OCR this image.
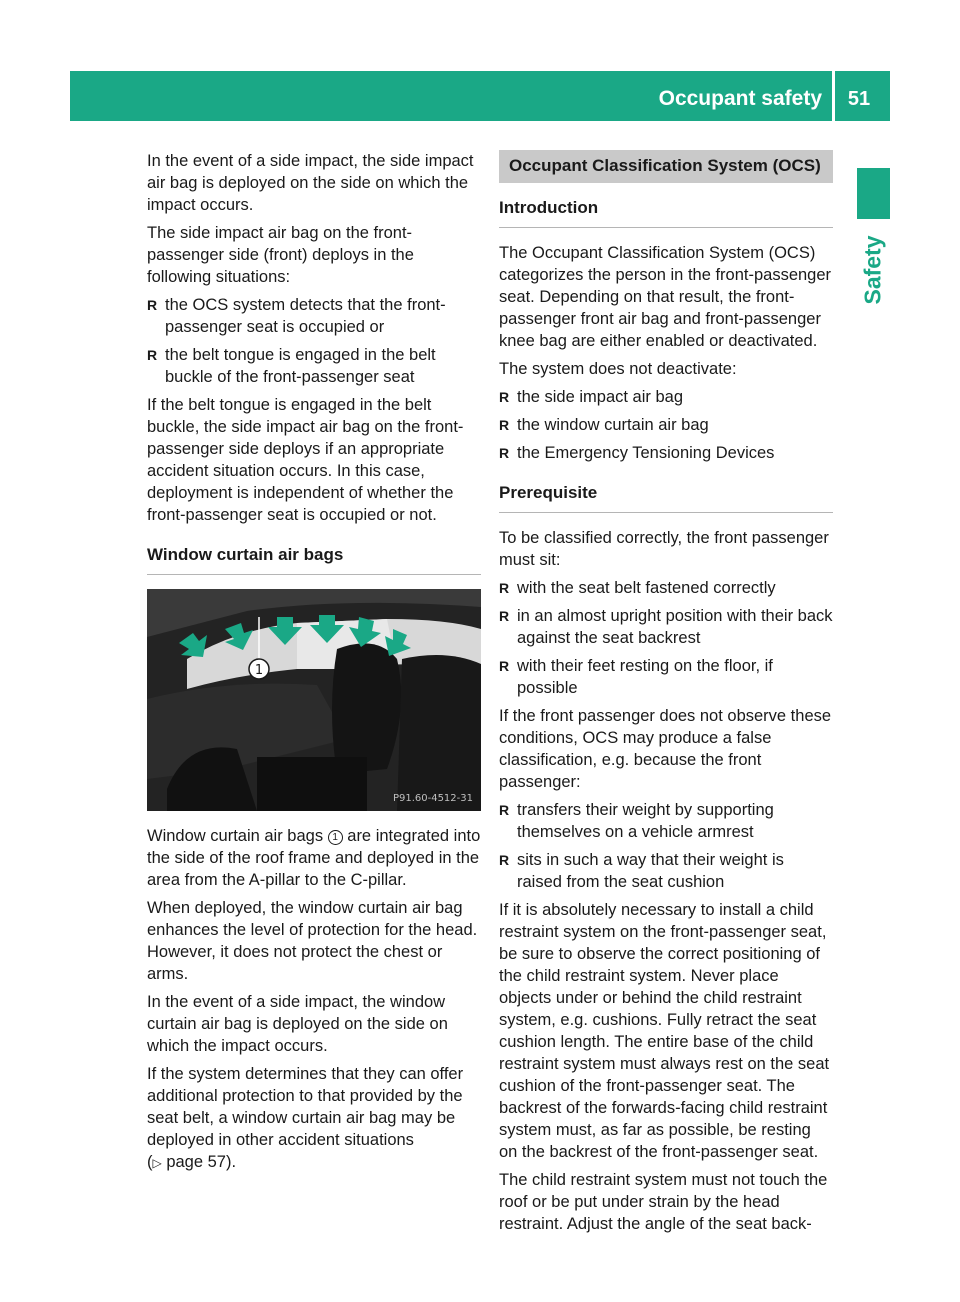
Occupant safety	51
Safety

In the event of a side impact, the side impact air bag is deployed on the side on which the impact occurs.

The side impact air bag on the front-passenger side (front) deploys in the following situations:

R the OCS system detects that the front-passenger seat is occupied or
R the belt tongue is engaged in the belt buckle of the front-passenger seat

If the belt tongue is engaged in the belt buckle, the side impact air bag on the front-passenger side deploys if an appropriate accident situation occurs. In this case, deployment is independent of whether the front-passenger seat is occupied or not.

Window curtain air bags
1
P91.60-4512-31

Window curtain air bags 1 are integrated into the side of the roof frame and deployed in the area from the A-pillar to the C-pillar.

When deployed, the window curtain air bag enhances the level of protection for the head. However, it does not protect the chest or arms.

In the event of a side impact, the window curtain air bag is deployed on the side on which the impact occurs.

If the system determines that they can offer additional protection to that provided by the seat belt, a window curtain air bag may be deployed in other accident situations
(▷ page 57).

Occupant Classification System (OCS)
Introduction

The Occupant Classification System (OCS) categorizes the person in the front-passenger seat. Depending on that result, the front-passenger front air bag and front-passenger knee bag are either enabled or deactivated.

The system does not deactivate:

R the side impact air bag
R the window curtain air bag
R the Emergency Tensioning Devices
Prerequisite

To be classified correctly, the front passenger must sit:

R with the seat belt fastened correctly
R in an almost upright position with their back against the seat backrest
R with their feet resting on the floor, if possible

If the front passenger does not observe these conditions, OCS may produce a false classification, e.g. because the front passenger:

R transfers their weight by supporting themselves on a vehicle armrest
R sits in such a way that their weight is raised from the seat cushion

If it is absolutely necessary to install a child restraint system on the front-passenger seat, be sure to observe the correct positioning of the child restraint system. Never place objects under or behind the child restraint system, e.g. cushions. Fully retract the seat cushion length. The entire base of the child restraint system must always rest on the seat cushion of the front-passenger seat. The backrest of the forwards-facing child restraint system must, as far as possible, be resting on the backrest of the front-passenger seat.

The child restraint system must not touch the roof or be put under strain by the head restraint. Adjust the angle of the seat back-
